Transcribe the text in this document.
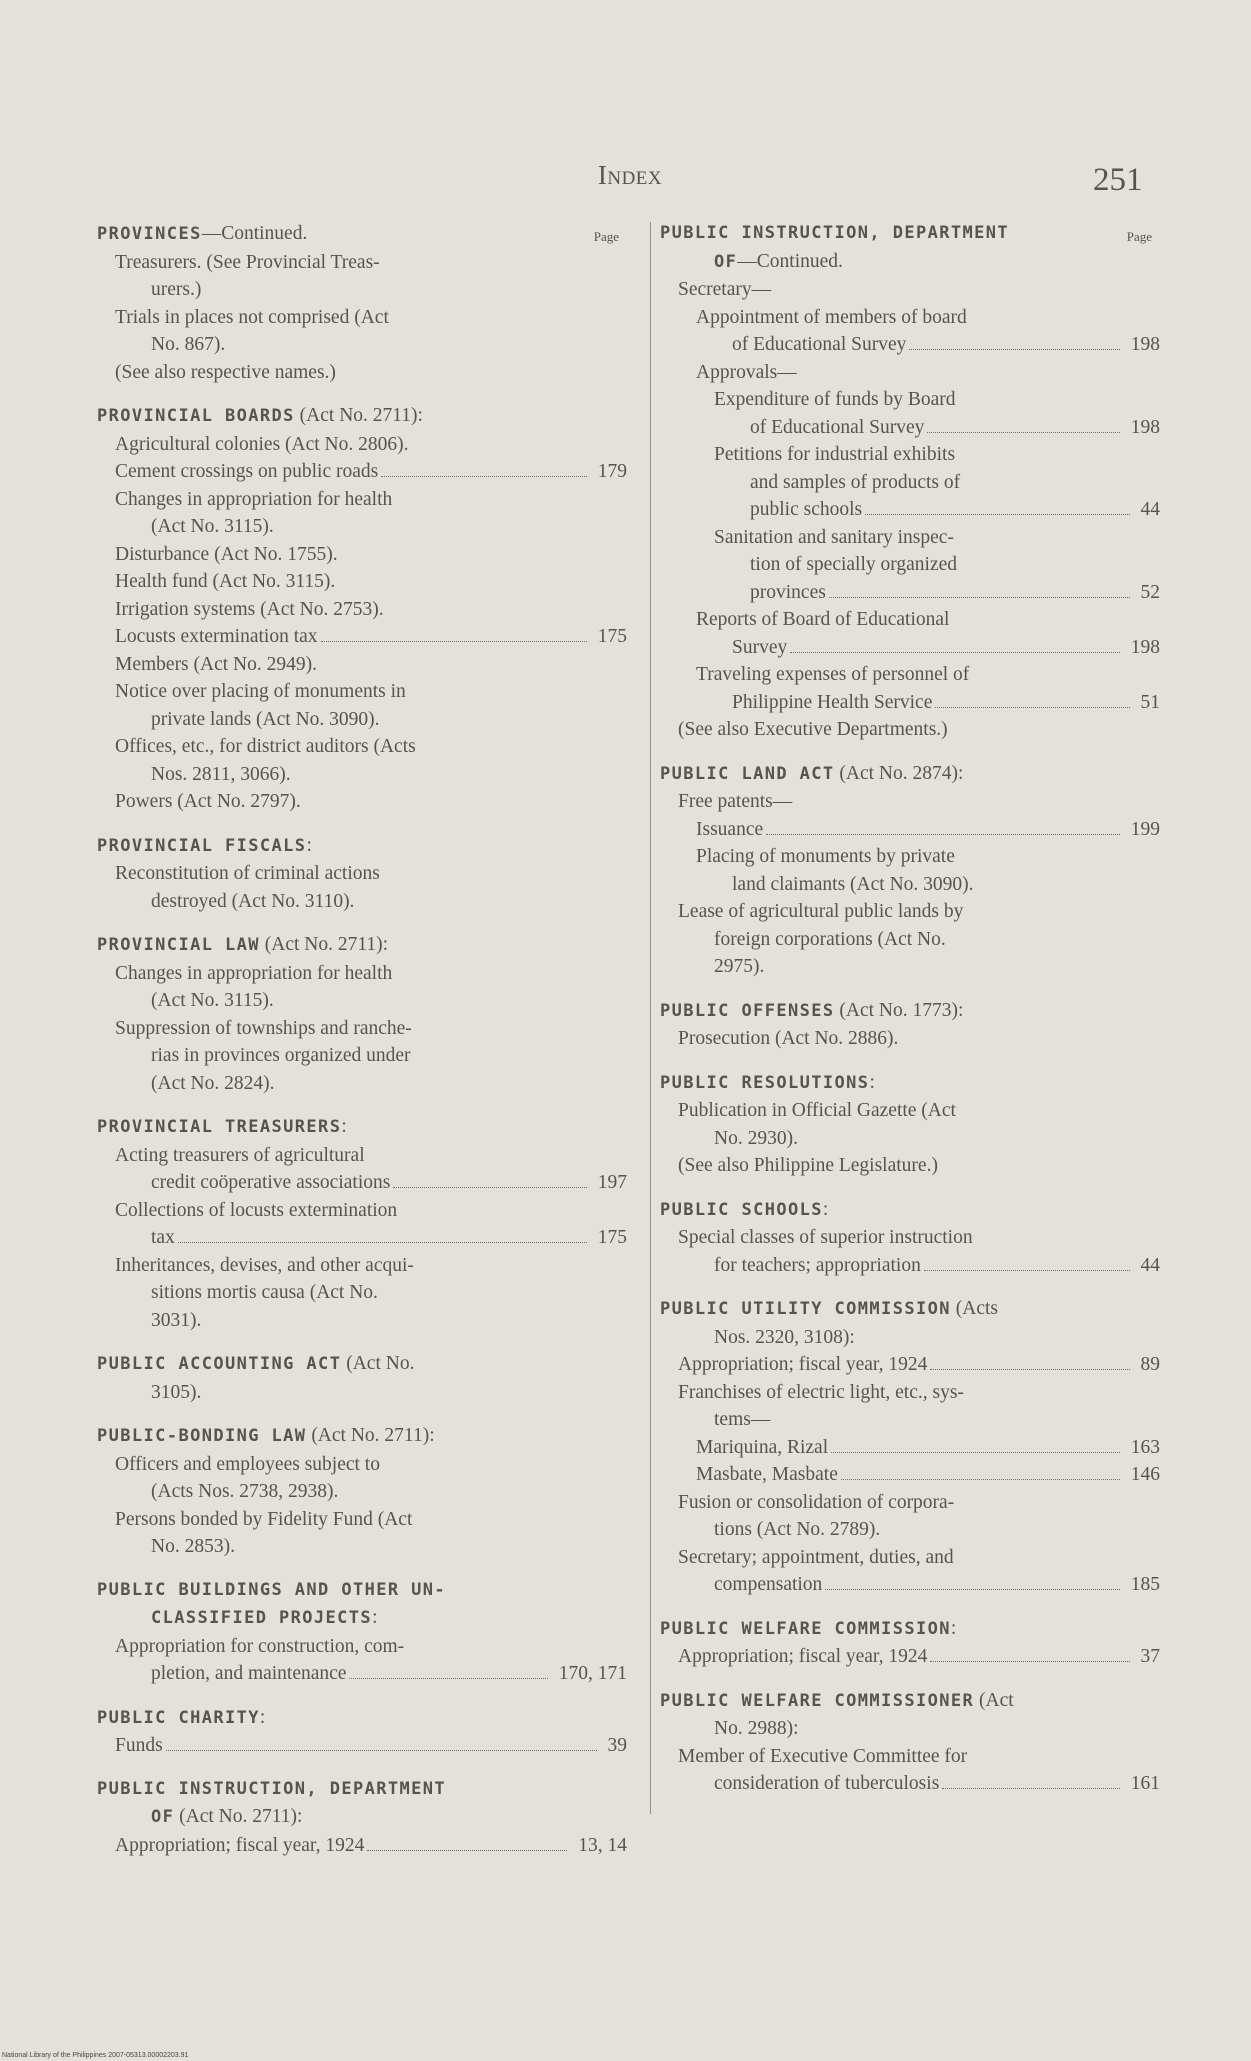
Index	251
Page
PROVINCES—Continued.
Treasurers. (See Provincial Treas-
urers.)
Trials in places not comprised (Act
No. 867).
(See also respective names.)
PROVINCIAL BOARDS (Act No. 2711):
Agricultural colonies (Act No. 2806).
Cement crossings on public roads	179
Changes in appropriation for health
(Act No. 3115).
Disturbance (Act No. 1755).
Health fund (Act No. 3115).
Irrigation systems (Act No. 2753).
Locusts extermination tax	175
Members (Act No. 2949).
Notice over placing of monuments in
private lands (Act No. 3090).
Offices, etc., for district auditors (Acts
Nos. 2811, 3066).
Powers (Act No. 2797).
PROVINCIAL FISCALS:
Reconstitution of criminal actions
destroyed (Act No. 3110).
PROVINCIAL LAW (Act No. 2711):
Changes in appropriation for health
(Act No. 3115).
Suppression of townships and ranche-
rias in provinces organized under
(Act No. 2824).
PROVINCIAL TREASURERS:
Acting treasurers of agricultural
credit coöperative associations	197
Collections of locusts extermination
tax	175
Inheritances, devises, and other acqui-
sitions mortis causa (Act No.
3031).
PUBLIC ACCOUNTING ACT (Act No.
3105).
PUBLIC-BONDING LAW (Act No. 2711):
Officers and employees subject to
(Acts Nos. 2738, 2938).
Persons bonded by Fidelity Fund (Act
No. 2853).
PUBLIC BUILDINGS AND OTHER UN-
CLASSIFIED PROJECTS:
Appropriation for construction, com-
pletion, and maintenance	170, 171
PUBLIC CHARITY:
Funds	39
PUBLIC INSTRUCTION, DEPARTMENT
OF (Act No. 2711):
Appropriation; fiscal year, 1924	13, 14
Page
PUBLIC INSTRUCTION, DEPARTMENT
OF—Continued.
Secretary—
Appointment of members of board
of Educational Survey	198
Approvals—
Expenditure of funds by Board
of Educational Survey	198
Petitions for industrial exhibits
and samples of products of
public schools	44
Sanitation and sanitary inspec-
tion of specially organized
provinces	52
Reports of Board of Educational
Survey	198
Traveling expenses of personnel of
Philippine Health Service	51
(See also Executive Departments.)
PUBLIC LAND ACT (Act No. 2874):
Free patents—
Issuance	199
Placing of monuments by private
land claimants (Act No. 3090).
Lease of agricultural public lands by
foreign corporations (Act No.
2975).
PUBLIC OFFENSES (Act No. 1773):
Prosecution (Act No. 2886).
PUBLIC RESOLUTIONS:
Publication in Official Gazette (Act
No. 2930).
(See also Philippine Legislature.)
PUBLIC SCHOOLS:
Special classes of superior instruction
for teachers; appropriation	44
PUBLIC UTILITY COMMISSION (Acts
Nos. 2320, 3108):
Appropriation; fiscal year, 1924	89
Franchises of electric light, etc., sys-
tems—
Mariquina, Rizal	163
Masbate, Masbate	146
Fusion or consolidation of corpora-
tions (Act No. 2789).
Secretary; appointment, duties, and
compensation	185
PUBLIC WELFARE COMMISSION:
Appropriation; fiscal year, 1924	37
PUBLIC WELFARE COMMISSIONER (Act
No. 2988):
Member of Executive Committee for
consideration of tuberculosis	161
National Library of the Philippines 2007-05313.00002203.91
